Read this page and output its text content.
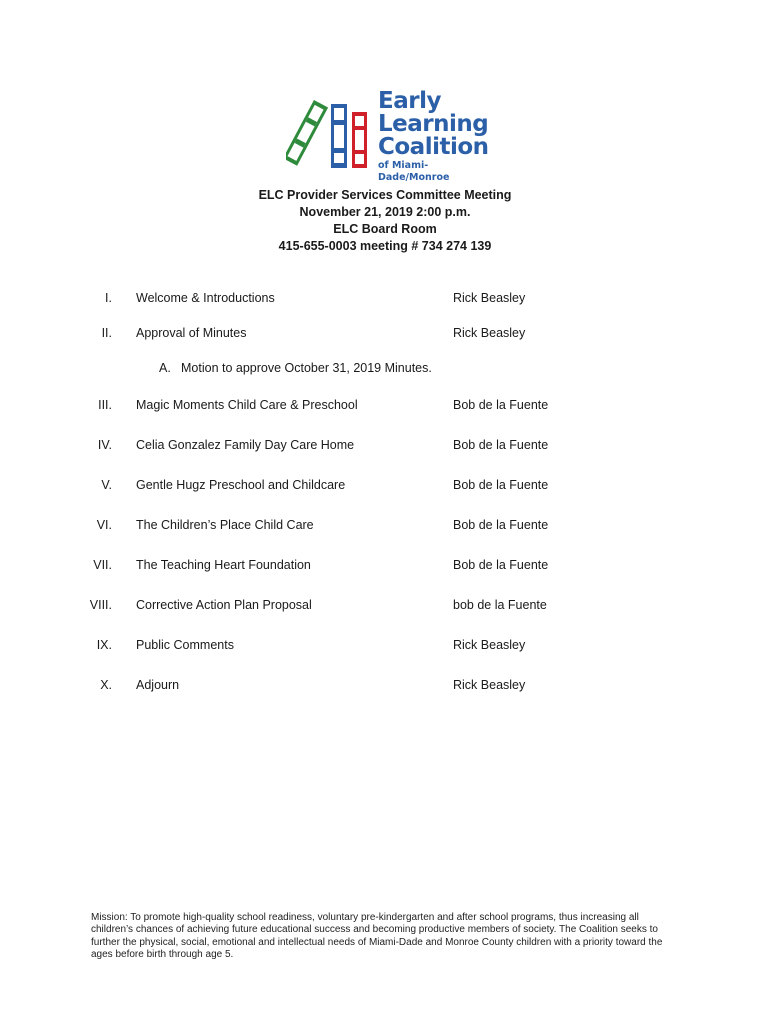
Early
Learning
Coalition
of Miami-Dade/Monroe
ELC Provider Services Committee Meeting
November 21, 2019 2:00 p.m.
ELC Board Room
415-655-0003 meeting # 734 274 139
I. Welcome & Introductions	Rick Beasley
II. Approval of Minutes	Rick Beasley
A. Motion to approve October 31, 2019 Minutes.
III. Magic Moments Child Care & Preschool	Bob de la Fuente
IV. Celia Gonzalez Family Day Care Home	Bob de la Fuente
V. Gentle Hugz Preschool and Childcare	Bob de la Fuente
VI. The Children’s Place Child Care	Bob de la Fuente
VII. The Teaching Heart Foundation	Bob de la Fuente
VIII. Corrective Action Plan Proposal	bob de la Fuente
IX. Public Comments	Rick Beasley
X. Adjourn	Rick Beasley
Mission: To promote high-quality school readiness, voluntary pre-kindergarten and after school programs, thus increasing all children’s chances of achieving future educational success and becoming productive members of society. The Coalition seeks to further the physical, social, emotional and intellectual needs of Miami-Dade and Monroe County children with a priority toward the ages before birth through age 5.
